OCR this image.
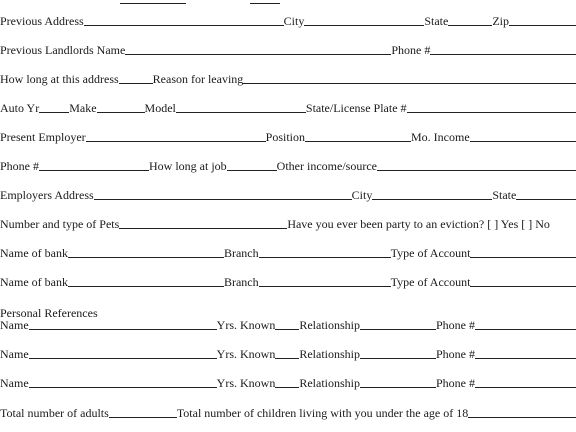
Previous Address	City	State	Zip
Previous Landlords Name	Phone #
How long at this address	Reason for leaving
Auto Yr	Make	Model	State/License Plate #
Present Employer	Position	Mo. Income
Phone #	How long at job	Other income/source
Employers Address	City	State
Number and type of Pets	Have you ever been party to an eviction? [ ] Yes [ ] No
Name of bank	Branch	Type of Account
Name of bank	Branch	Type of Account
Personal References
Name	Yrs. Known Relationship	Phone #
Name	Yrs. Known Relationship	Phone #
Name	Yrs. Known Relationship	Phone #
Total number of adults	Total number of children living with you under the age of 18
